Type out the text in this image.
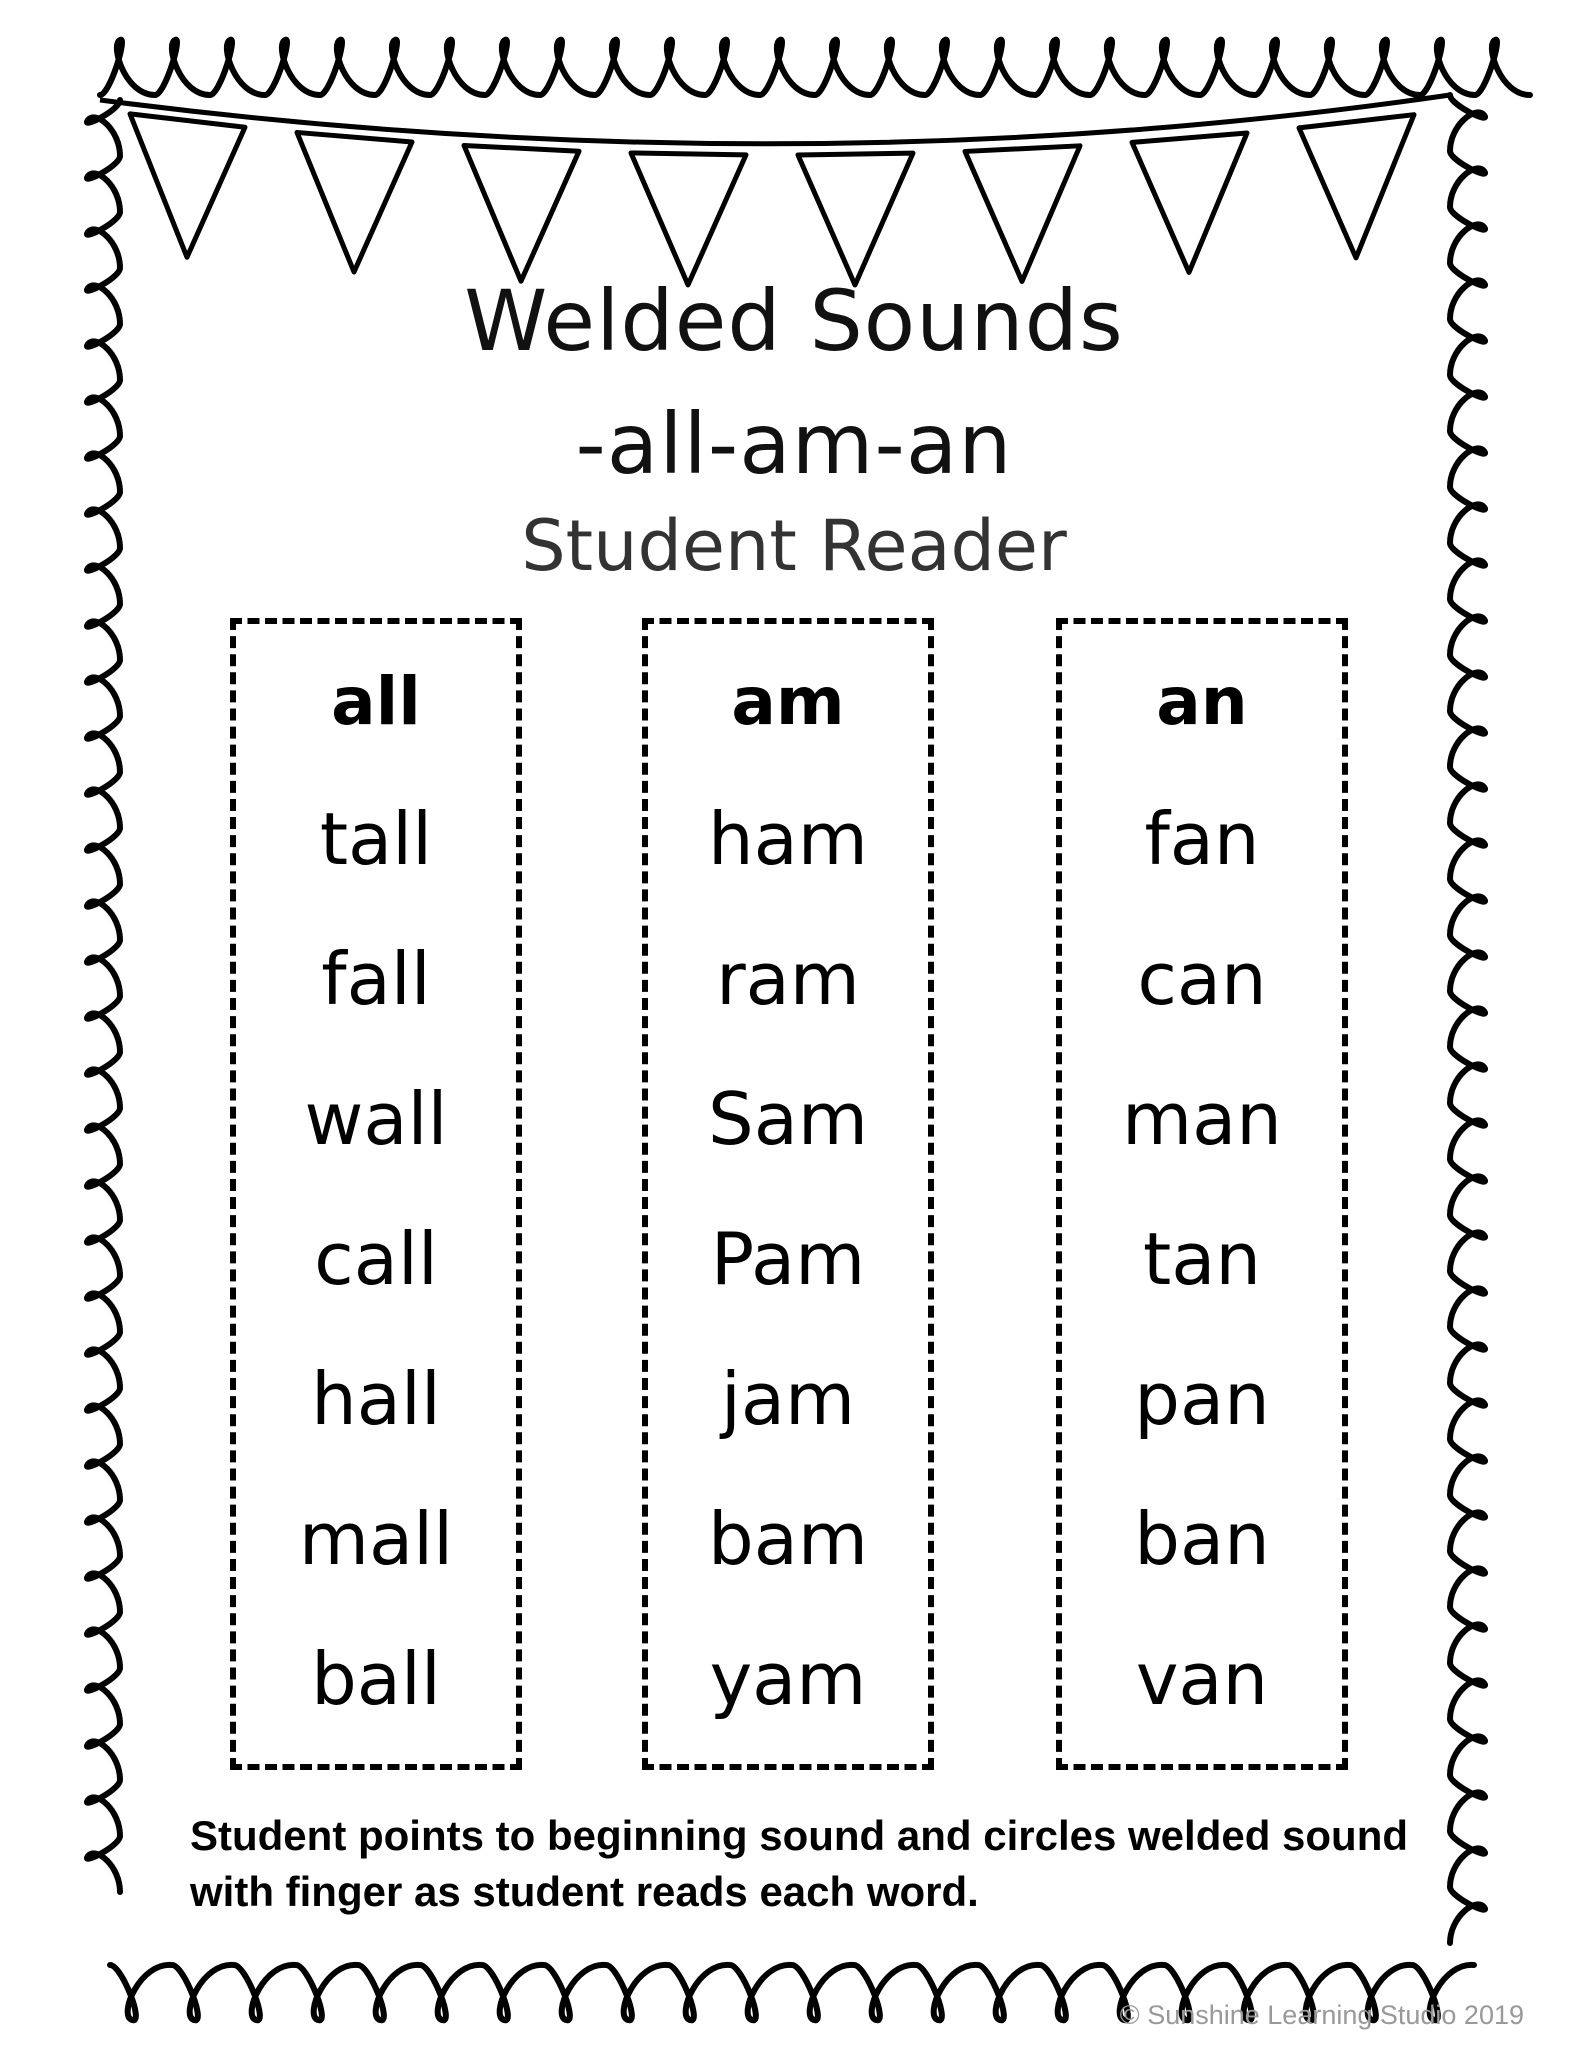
Welded Sounds
-all-am-an
Student Reader
all
tall
fall
wall
call
hall
mall
ball
am
ham
ram
Sam
Pam
jam
bam
yam
an
fan
can
man
tan
pan
ban
van
Student points to beginning sound and circles welded sound with finger as student reads each word.
© Sunshine Learning Studio 2019
